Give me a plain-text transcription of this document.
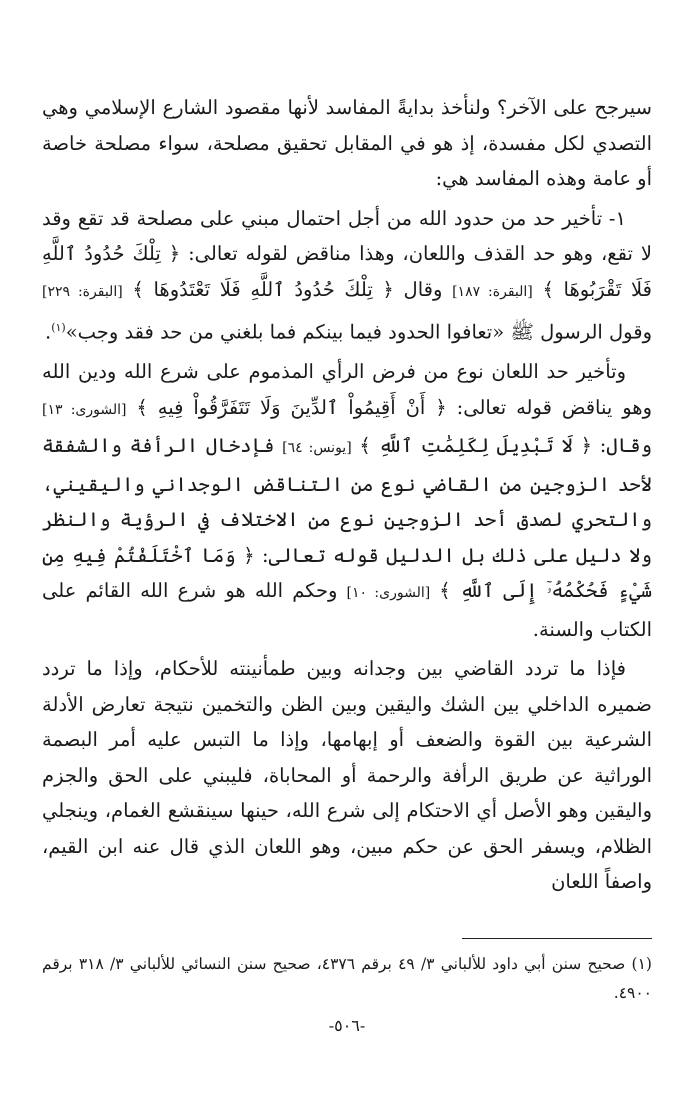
سيرجح على الآخر؟ ولنأخذ بدايةً المفاسد لأنها مقصود الشارع الإسلامي وهي التصدي لكل مفسدة، إذ هو في المقابل تحقيق مصلحة، سواء مصلحة خاصة أو عامة وهذه المفاسد هي:

١- تأخير حد من حدود الله من أجل احتمال مبني على مصلحة قد تقع وقد لا تقع، وهو حد القذف واللعان، وهذا مناقض لقوله تعالى: ﴿ تِلْكَ حُدُودُ ٱللَّهِ فَلَا تَقْرَبُوهَا ﴾ [البقرة: ١٨٧] وقال ﴿ تِلْكَ حُدُودُ ٱللَّهِ فَلَا تَعْتَدُوهَا ﴾ [البقرة: ٢٢٩] وقول الرسول ﷺ «تعافوا الحدود فيما بينكم فما بلغني من حد فقد وجب»$^{(١)}$.

وتأخير حد اللعان نوع من فرض الرأي المذموم على شرع الله ودين الله وهو يناقض قوله تعالى: ﴿ أَنْ أَقِيمُواْ ٱلدِّينَ وَلَا تَتَفَرَّقُواْ فِيهِ ﴾ [الشورى: ١٣] وقال: ﴿ لَا تَبْدِيلَ لِكَلِمَٰتِ ٱللَّهِ ﴾ [يونس: ٦٤] فإدخال الرأفة والشفقة لأحد الزوجين من القاضي نوع من التناقض الوجداني واليقيني، والتحري لصدق أحد الزوجين نوع من الاختلاف في الرؤية والنظر ولا دليل على ذلك بل الدليل قوله تعالى: ﴿ وَمَا ٱخْتَلَفْتُمْ فِيهِ مِن شَيْءٍ فَحُكْمُهُۥٓ إِلَى ٱللَّهِ ﴾ [الشورى: ١٠] وحكم الله هو شرع الله القائم على الكتاب والسنة.

فإذا ما تردد القاضي بين وجدانه وبين طمأنينته للأحكام، وإذا ما تردد ضميره الداخلي بين الشك واليقين وبين الظن والتخمين نتيجة تعارض الأدلة الشرعية بين القوة والضعف أو إبهامها، وإذا ما التبس عليه أمر البصمة الوراثية عن طريق الرأفة والرحمة أو المحاباة، فليبني على الحق والجزم واليقين وهو الأصل أي الاحتكام إلى شرع الله، حينها سينقشع الغمام، وينجلي الظلام، ويسفر الحق عن حكم مبين، وهو اللعان الذي قال عنه ابن القيم، واصفاً اللعان

(١) صحيح سنن أبي داود للألباني ٣/ ٤٩ برقم ٤٣٧٦، صحيح سنن النسائي للألباني ٣/ ٣١٨ برقم ٤٩٠٠.
-٥٠٦-
